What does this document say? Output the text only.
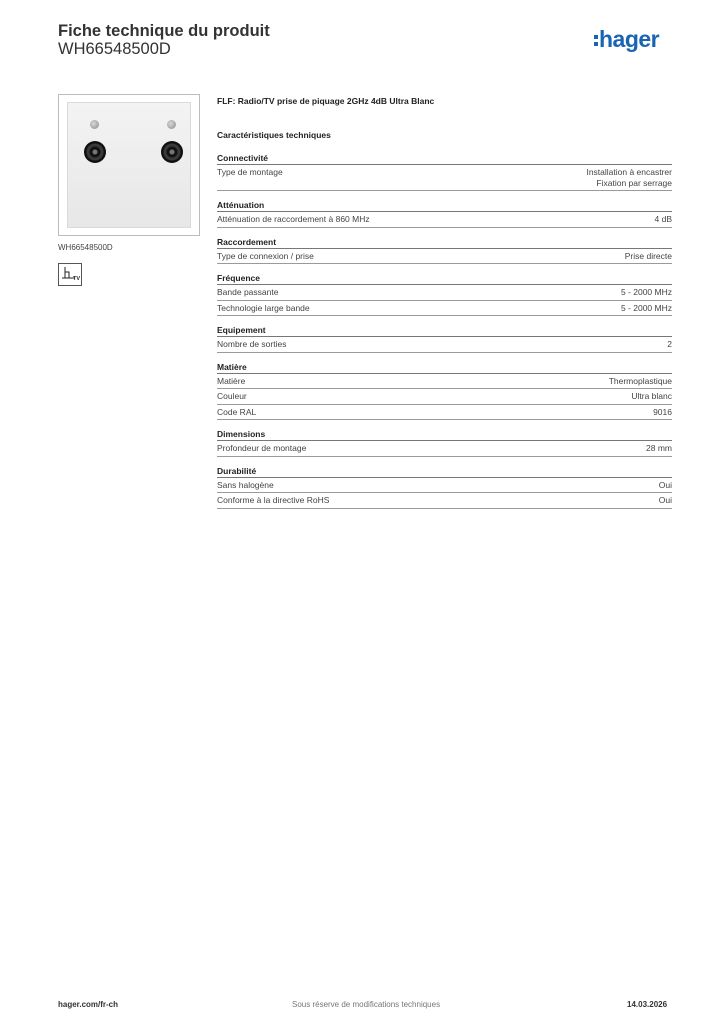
Fiche technique du produit
WH66548500D	hager
WH66548500D
TV
FLF: Radio/TV prise de piquage 2GHz 4dB Ultra Blanc
Caractéristiques techniques
Connectivité
Type de montage	Installation à encastrer
Fixation par serrage
Atténuation
Atténuation de raccordement à 860 MHz	4 dB
Raccordement
Type de connexion / prise	Prise directe
Fréquence
Bande passante	5 - 2000 MHz
Technologie large bande	5 - 2000 MHz
Equipement
Nombre de sorties	2
Matière
Matière	Thermoplastique
Couleur	Ultra blanc
Code RAL	9016
Dimensions
Profondeur de montage	28 mm
Durabilité
Sans halogène	Oui
Conforme à la directive RoHS	Oui
hager.com/fr-ch	Sous réserve de modifications techniques	14.03.2026
